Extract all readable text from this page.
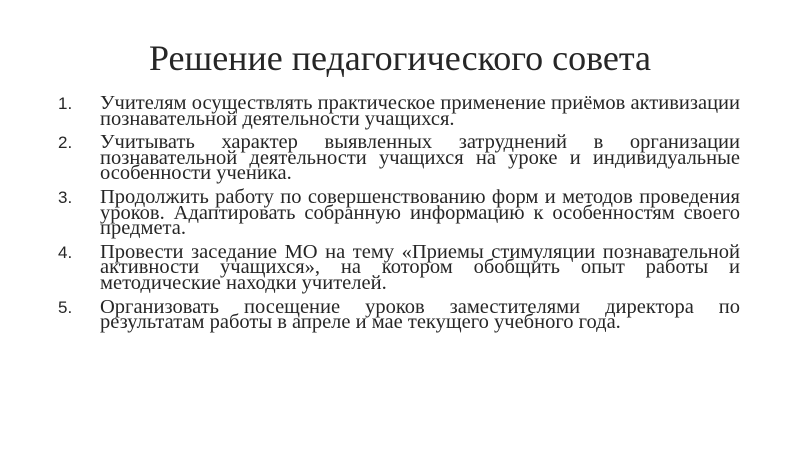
Решение педагогического совета
1. Учителям осуществлять практическое применение приёмов активизации познавательной деятельности учащихся.
2. Учитывать характер выявленных затруднений в организации познавательной деятельности учащихся на уроке и индивидуальные особенности ученика.
3. Продолжить работу по совершенствованию форм и методов проведения уроков. Адаптировать собранную информацию к особенностям своего предмета.
4. Провести заседание МО на тему «Приемы стимуляции познавательной активности учащихся», на котором обобщить опыт работы и методические находки учителей.
5. Организовать посещение уроков заместителями директора по результатам работы в апреле и мае текущего учебного года.
